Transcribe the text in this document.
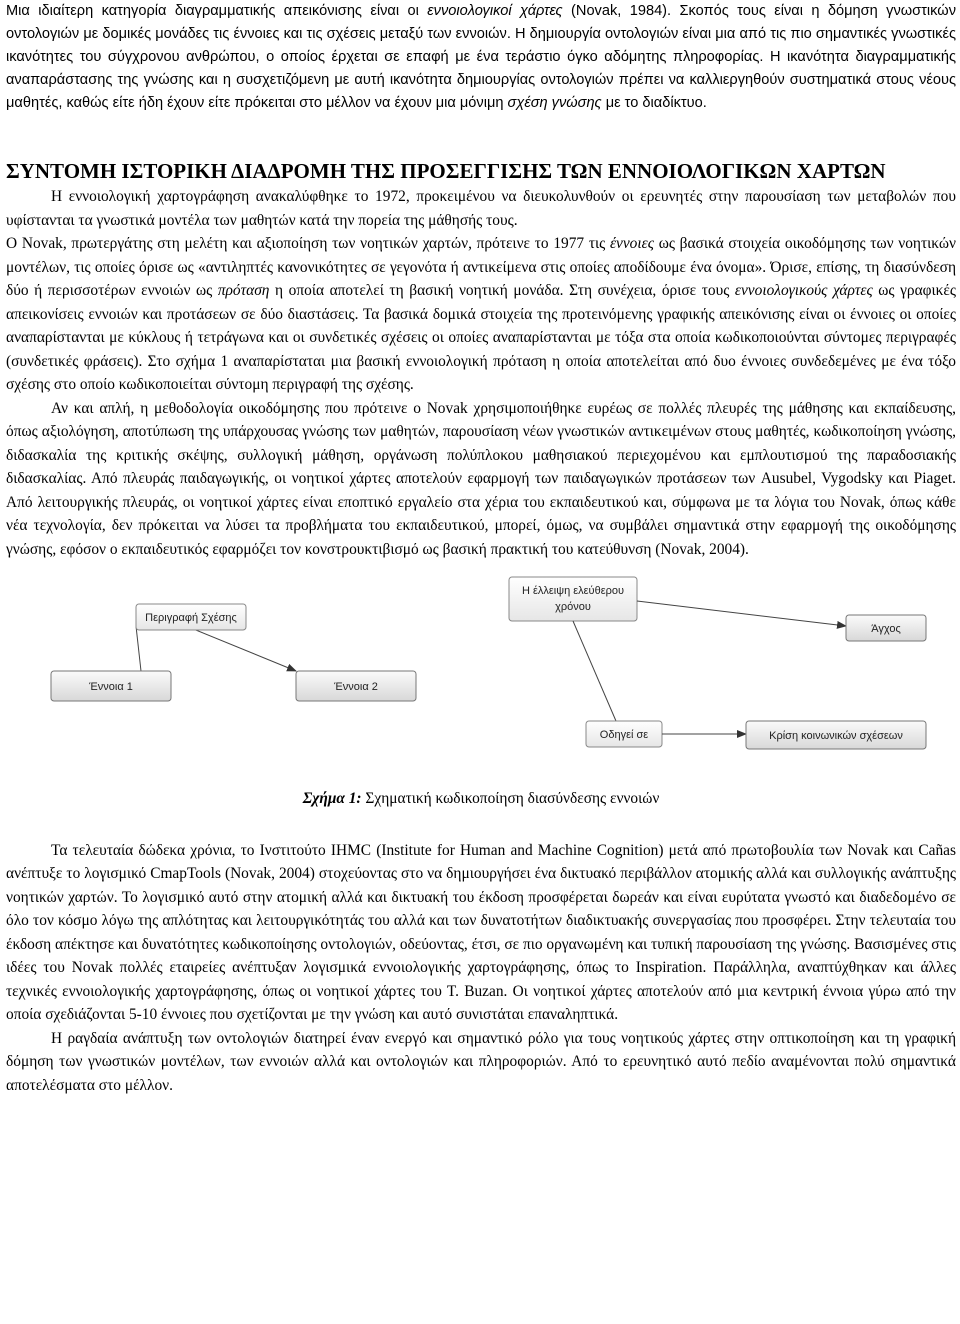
Μια ιδιαίτερη κατηγορία διαγραμματικής απεικόνισης είναι οι εννοιολογικοί χάρτες (Novak, 1984). Σκοπός τους είναι η δόμηση γνωστικών οντολογιών με δομικές μονάδες τις έννοιες και τις σχέσεις μεταξύ των εννοιών. Η δημιουργία οντολογιών είναι μια από τις πιο σημαντικές γνωστικές ικανότητες του σύγχρονου ανθρώπου, ο οποίος έρχεται σε επαφή με ένα τεράστιο όγκο αδόμητης πληροφορίας. Η ικανότητα διαγραμματικής αναπαράστασης της γνώσης και η συσχετιζόμενη με αυτή ικανότητα δημιουργίας οντολογιών πρέπει να καλλιεργηθούν συστηματικά στους νέους μαθητές, καθώς είτε ήδη έχουν είτε πρόκειται στο μέλλον να έχουν μια μόνιμη σχέση γνώσης με το διαδίκτυο.

ΣΥΝΤΟΜΗ ΙΣΤΟΡΙΚΗ ΔΙΑΔΡΟΜΗ ΤΗΣ ΠΡΟΣΕΓΓΙΣΗΣ ΤΩΝ ΕΝΝΟΙΟΛΟΓΙΚΩΝ ΧΑΡΤΩΝ

Η εννοιολογική χαρτογράφηση ανακαλύφθηκε το 1972, προκειμένου να διευκολυνθούν οι ερευνητές στην παρουσίαση των μεταβολών που υφίστανται τα γνωστικά μοντέλα των μαθητών κατά την πορεία της μάθησής τους.

Ο Novak, πρωτεργάτης στη μελέτη και αξιοποίηση των νοητικών χαρτών, πρότεινε το 1977 τις έννοιες ως βασικά στοιχεία οικοδόμησης των νοητικών μοντέλων, τις οποίες όρισε ως «αντιληπτές κανονικότητες σε γεγονότα ή αντικείμενα στις οποίες αποδίδουμε ένα όνομα». Όρισε, επίσης, τη διασύνδεση δύο ή περισσοτέρων εννοιών ως πρόταση η οποία αποτελεί τη βασική νοητική μονάδα. Στη συνέχεια, όρισε τους εννοιολογικούς χάρτες ως γραφικές απεικονίσεις εννοιών και προτάσεων σε δύο διαστάσεις. Τα βασικά δομικά στοιχεία της προτεινόμενης γραφικής απεικόνισης είναι οι έννοιες οι οποίες αναπαρίστανται με κύκλους ή τετράγωνα και οι συνδετικές σχέσεις οι οποίες αναπαρίστανται με τόξα στα οποία κωδικοποιούνται σύντομες περιγραφές (συνδετικές φράσεις). Στο σχήμα 1 αναπαρίσταται μια βασική εννοιολογική πρόταση η οποία αποτελείται από δυο έννοιες συνδεδεμένες με ένα τόξο σχέσης στο οποίο κωδικοποιείται σύντομη περιγραφή της σχέσης.

Αν και απλή, η μεθοδολογία οικοδόμησης που πρότεινε ο Novak χρησιμοποιήθηκε ευρέως σε πολλές πλευρές της μάθησης και εκπαίδευσης, όπως αξιολόγηση, αποτύπωση της υπάρχουσας γνώσης των μαθητών, παρουσίαση νέων γνωστικών αντικειμένων στους μαθητές, κωδικοποίηση γνώσης, διδασκαλία της κριτικής σκέψης, συλλογική μάθηση, οργάνωση πολύπλοκου μαθησιακού περιεχομένου και εμπλουτισμού της παραδοσιακής διδασκαλίας. Από πλευράς παιδαγωγικής, οι νοητικοί χάρτες αποτελούν εφαρμογή των παιδαγωγικών προτάσεων των Ausubel, Vygodsky και Piaget. Από λειτουργικής πλευράς, οι νοητικοί χάρτες είναι εποπτικό εργαλείο στα χέρια του εκπαιδευτικού και, σύμφωνα με τα λόγια του Novak, όπως κάθε νέα τεχνολογία, δεν πρόκειται να λύσει τα προβλήματα του εκπαιδευτικού, μπορεί, όμως, να συμβάλει σημαντικά στην εφαρμογή της οικοδόμησης γνώσης, εφόσον ο εκπαιδευτικός εφαρμόζει τον κονστρουκτιβισμό ως βασική πρακτική του κατεύθυνση (Novak, 2004).

Περιγραφή Σχέσης
Έννοια 1	Έννοια 2
Η έλλειψη ελεύθερου
χρόνου
Άγχος
Οδηγεί σε	Κρίση κοινωνικών σχέσεων

Σχήμα 1: Σχηματική κωδικοποίηση διασύνδεσης εννοιών

Τα τελευταία δώδεκα χρόνια, το Ινστιτούτο IHMC (Institute for Human and Machine Cognition) μετά από πρωτοβουλία των Novak και Cañas ανέπτυξε το λογισμικό CmapTools (Novak, 2004) στοχεύοντας στο να δημιουργήσει ένα δικτυακό περιβάλλον ατομικής αλλά και συλλογικής ανάπτυξης νοητικών χαρτών. Το λογισμικό αυτό στην ατομική αλλά και δικτυακή του έκδοση προσφέρεται δωρεάν και είναι ευρύτατα γνωστό και διαδεδομένο σε όλο τον κόσμο λόγω της απλότητας και λειτουργικότητάς του αλλά και των δυνατοτήτων διαδικτυακής συνεργασίας που προσφέρει. Στην τελευταία του έκδοση απέκτησε και δυνατότητες κωδικοποίησης οντολογιών, οδεύοντας, έτσι, σε πιο οργανωμένη και τυπική παρουσίαση της γνώσης. Βασισμένες στις ιδέες του Novak πολλές εταιρείες ανέπτυξαν λογισμικά εννοιολογικής χαρτογράφησης, όπως το Inspiration. Παράλληλα, αναπτύχθηκαν και άλλες τεχνικές εννοιολογικής χαρτογράφησης, όπως οι νοητικοί χάρτες του Τ. Buzan. Οι νοητικοί χάρτες αποτελούν από μια κεντρική έννοια γύρω από την οποία σχεδιάζονται 5-10 έννοιες που σχετίζονται με την γνώση και αυτό συνιστάται επαναληπτικά.

Η ραγδαία ανάπτυξη των οντολογιών διατηρεί έναν ενεργό και σημαντικό ρόλο για τους νοητικούς χάρτες στην οπτικοποίηση και τη γραφική δόμηση των γνωστικών μοντέλων, των εννοιών αλλά και οντολογιών και πληροφοριών. Από το ερευνητικό αυτό πεδίο αναμένονται πολύ σημαντικά αποτελέσματα στο μέλλον.
